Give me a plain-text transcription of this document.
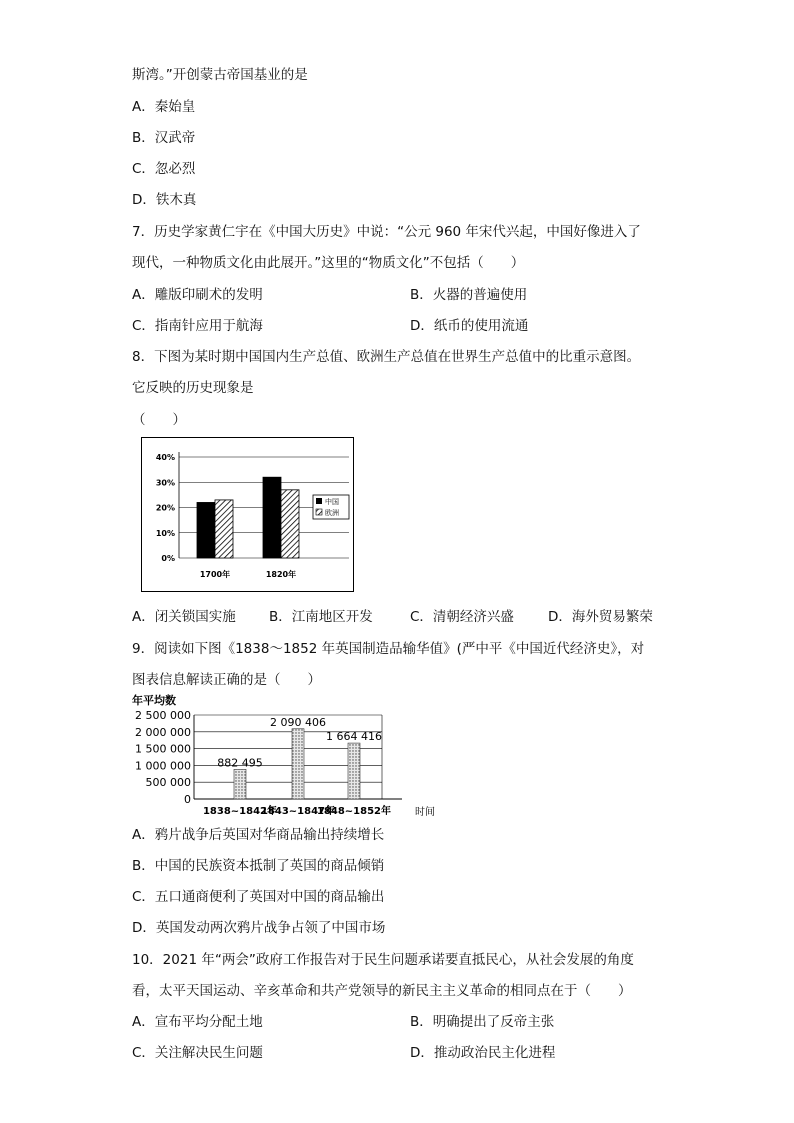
斯湾。”开创蒙古帝国基业的是
A．秦始皇
B．汉武帝
C．忽必烈
D．铁木真
7．历史学家黄仁宇在《中国大历史》中说：“公元 960 年宋代兴起，中国好像进入了
现代，一种物质文化由此展开。”这里的“物质文化”不包括（　　）
A．雕版印刷术的发明	B．火器的普遍使用
C．指南针应用于航海	D．纸币的使用流通
8．下图为某时期中国国内生产总值、欧洲生产总值在世界生产总值中的比重示意图。
它反映的历史现象是
（　　）
0%
10%
20%
30%
40%
1700年	1820年
中国
欧洲
A．闭关锁国实施 B．江南地区开发	C．清朝经济兴盛	D．海外贸易繁荣
9．阅读如下图《1838～1852 年英国制造品输华值》(严中平《中国近代经济史》，对
图表信息解读正确的是（　　）
年平均数
0
500 000
1 000 000
1 500 000
2 000 000
2 500 000
1838~1842年
1843~1847年
1848~1852年
882 495
2 090 406
1 664 416
时间
A．鸦片战争后英国对华商品输出持续增长
B．中国的民族资本抵制了英国的商品倾销
C．五口通商便利了英国对中国的商品输出
D．英国发动两次鸦片战争占领了中国市场
10．2021 年“两会”政府工作报告对于民生问题承诺要直抵民心，从社会发展的角度
看，太平天国运动、辛亥革命和共产党领导的新民主主义革命的相同点在于（　　）
A．宣布平均分配土地	B．明确提出了反帝主张
C．关注解决民生问题	D．推动政治民主化进程
